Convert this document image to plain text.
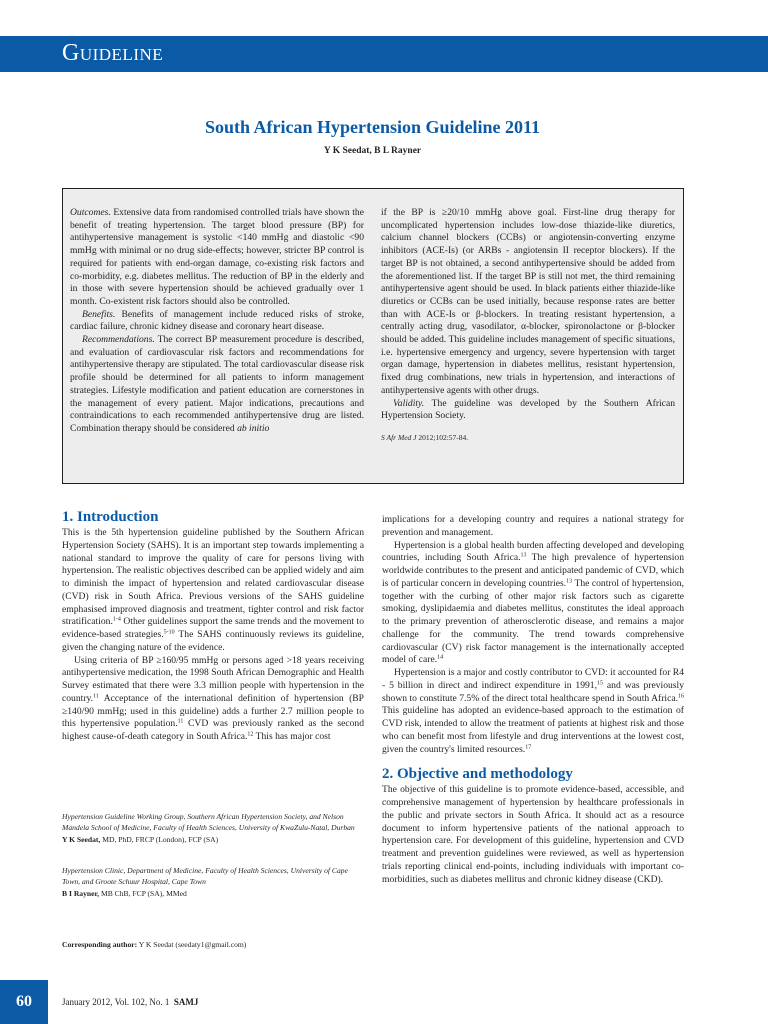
Guideline
South African Hypertension Guideline 2011
Y K Seedat, B L Rayner

Outcomes. Extensive data from randomised controlled trials have shown the benefit of treating hypertension. The target blood pressure (BP) for antihypertensive management is systolic <140 mmHg and diastolic <90 mmHg with minimal or no drug side-effects; however, stricter BP control is required for patients with end-organ damage, co-existing risk factors and co-morbidity, e.g. diabetes mellitus. The reduction of BP in the elderly and in those with severe hypertension should be achieved gradually over 1 month. Co-existent risk factors should also be controlled.

Benefits. Benefits of management include reduced risks of stroke, cardiac failure, chronic kidney disease and coronary heart disease.

Recommendations. The correct BP measurement procedure is described, and evaluation of cardiovascular risk factors and recommendations for antihypertensive therapy are stipulated. The total cardiovascular disease risk profile should be determined for all patients to inform management strategies. Lifestyle modification and patient education are cornerstones in the management of every patient. Major indications, precautions and contraindications to each recommended antihypertensive drug are listed. Combination therapy should be considered ab initio

if the BP is ≥20/10 mmHg above goal. First-line drug therapy for uncomplicated hypertension includes low-dose thiazide-like diuretics, calcium channel blockers (CCBs) or angiotensin-converting enzyme inhibitors (ACE-Is) (or ARBs - angiotensin II receptor blockers). If the target BP is not obtained, a second antihypertensive should be added from the aforementioned list. If the target BP is still not met, the third remaining antihypertensive agent should be used. In black patients either thiazide-like diuretics or CCBs can be used initially, because response rates are better than with ACE-Is or β-blockers. In treating resistant hypertension, a centrally acting drug, vasodilator, α-blocker, spironolactone or β-blocker should be added. This guideline includes management of specific situations, i.e. hypertensive emergency and urgency, severe hypertension with target organ damage, hypertension in diabetes mellitus, resistant hypertension, fixed drug combinations, new trials in hypertension, and interactions of antihypertensive agents with other drugs.

Validity. The guideline was developed by the Southern African Hypertension Society.

S Afr Med J 2012;102:57-84.

1. Introduction

This is the 5th hypertension guideline published by the Southern African Hypertension Society (SAHS). It is an important step towards implementing a national standard to improve the quality of care for persons living with hypertension. The realistic objectives described can be applied widely and aim to diminish the impact of hypertension and related cardiovascular disease (CVD) risk in South Africa. Previous versions of the SAHS guideline emphasised improved diagnosis and treatment, tighter control and risk factor stratification.$^{1-4}$ Other guidelines support the same trends and the movement to evidence-based strategies.$^{5-10}$ The SAHS continuously reviews its guideline, given the changing nature of the evidence.

Using criteria of BP ≥160/95 mmHg or persons aged >18 years receiving antihypertensive medication, the 1998 South African Demographic and Health Survey estimated that there were 3.3 million people with hypertension in the country.$^{11}$ Acceptance of the international definition of hypertension (BP ≥140/90 mmHg; used in this guideline) adds a further 2.7 million people to this hypertensive population.$^{11}$ CVD was previously ranked as the second highest cause-of-death category in South Africa.$^{12}$ This has major cost

Hypertension Guideline Working Group, Southern African Hypertension Society, and Nelson Mandela School of Medicine, Faculty of Health Sciences, University of KwaZulu-Natal, Durban
Y K Seedat, MD, PhD, FRCP (London), FCP (SA)
Hypertension Clinic, Department of Medicine, Faculty of Health Sciences, University of Cape Town, and Groote Schuur Hospital, Cape Town
B I Rayner, MB ChB, FCP (SA), MMed
Corresponding author: Y K Seedat (seedaty1@gmail.com)

implications for a developing country and requires a national strategy for prevention and management.

Hypertension is a global health burden affecting developed and developing countries, including South Africa.$^{13}$ The high prevalence of hypertension worldwide contributes to the present and anticipated pandemic of CVD, which is of particular concern in developing countries.$^{13}$ The control of hypertension, together with the curbing of other major risk factors such as cigarette smoking, dyslipidaemia and diabetes mellitus, constitutes the ideal approach to the primary prevention of atherosclerotic disease, and remains a major challenge for the community. The trend towards comprehensive cardiovascular (CV) risk factor management is the internationally accepted model of care.$^{14}$

Hypertension is a major and costly contributor to CVD: it accounted for R4 - 5 billion in direct and indirect expenditure in 1991,15 and was previously shown to constitute 7.5% of the direct total healthcare spend in South Africa.$^{16}$ This guideline has adopted an evidence-based approach to the estimation of CVD risk, intended to allow the treatment of patients at highest risk and those who can benefit most from lifestyle and drug interventions at the lowest cost, given the country's limited resources.$^{17}$

2. Objective and methodology

The objective of this guideline is to promote evidence-based, accessible, and comprehensive management of hypertension by healthcare professionals in the public and private sectors in South Africa. It should act as a resource document to inform hypertensive patients of the national approach to hypertension care. For development of this guideline, hypertension and CVD treatment and prevention guidelines were reviewed, as well as hypertension trials reporting clinical end-points, including individuals with important co-morbidities, such as diabetes mellitus and chronic kidney disease (CKD).

60	January 2012, Vol. 102, No. 1 SAMJ
